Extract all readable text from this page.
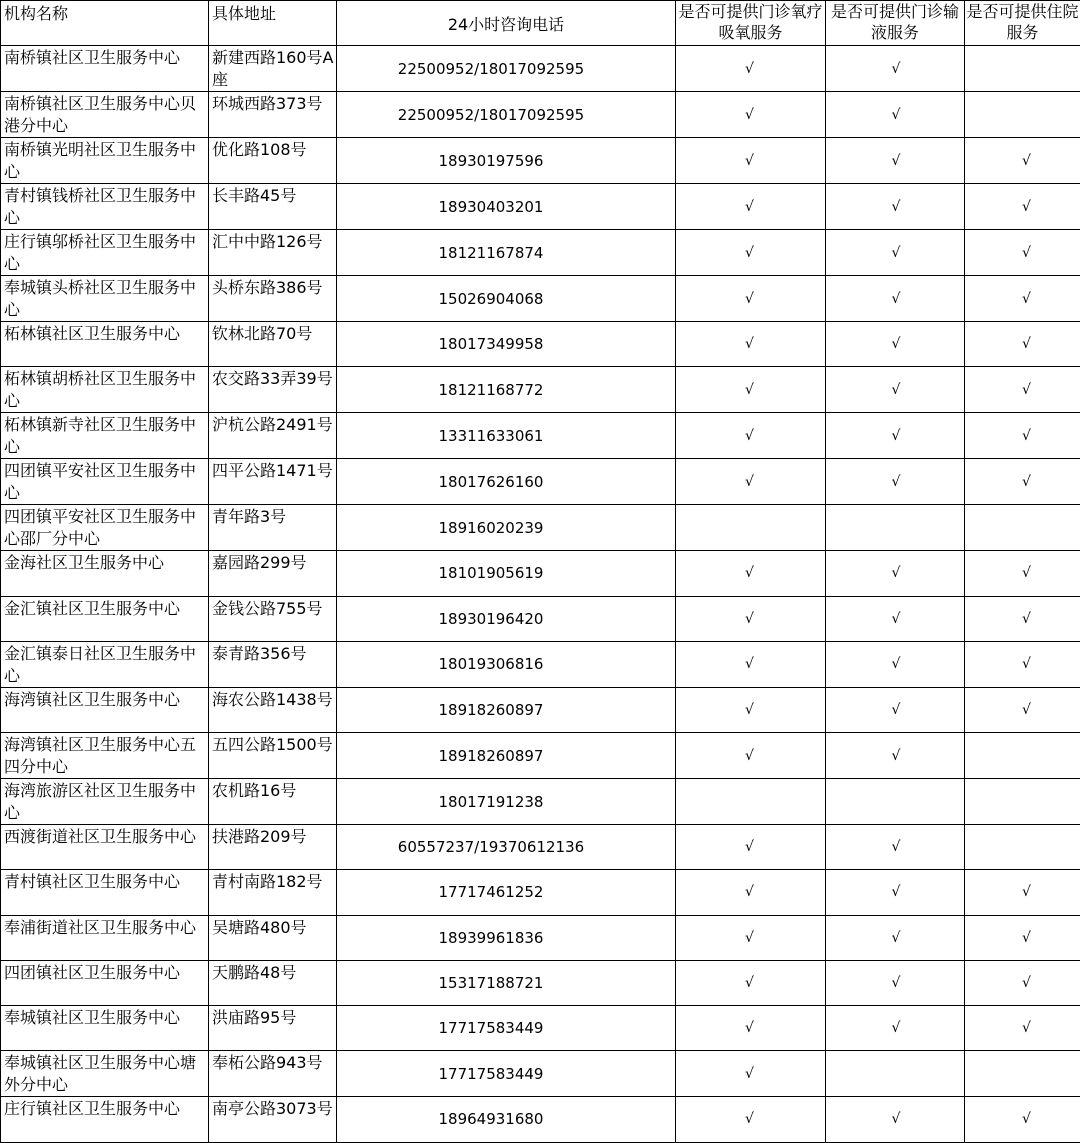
机构名称	具体地址	24小时咨询电话	是否可提供门诊氧疗吸氧服务	是否可提供门诊输液服务	是否可提供住院服务
南桥镇社区卫生服务中心	新建西路160号A座	22500952/18017092595	√	√	
南桥镇社区卫生服务中心贝港分中心	环城西路373号	22500952/18017092595	√	√	
南桥镇光明社区卫生服务中心	优化路108号	18930197596	√	√	√
青村镇钱桥社区卫生服务中心	长丰路45号	18930403201	√	√	√
庄行镇邬桥社区卫生服务中心	汇中中路126号	18121167874	√	√	√
奉城镇头桥社区卫生服务中心	头桥东路386号	15026904068	√	√	√
柘林镇社区卫生服务中心	钦林北路70号	18017349958	√	√	√
柘林镇胡桥社区卫生服务中心	农交路33弄39号	18121168772	√	√	√
柘林镇新寺社区卫生服务中心	沪杭公路2491号	13311633061	√	√	√
四团镇平安社区卫生服务中心	四平公路1471号	18017626160	√	√	√
四团镇平安社区卫生服务中心邵厂分中心	青年路3号	18916020239			
金海社区卫生服务中心	嘉园路299号	18101905619	√	√	√
金汇镇社区卫生服务中心	金钱公路755号	18930196420	√	√	√
金汇镇泰日社区卫生服务中心	泰青路356号	18019306816	√	√	√
海湾镇社区卫生服务中心	海农公路1438号	18918260897	√	√	√
海湾镇社区卫生服务中心五四分中心	五四公路1500号	18918260897	√	√	
海湾旅游区社区卫生服务中心	农机路16号	18017191238			
西渡街道社区卫生服务中心	扶港路209号	60557237/19370612136	√	√	
青村镇社区卫生服务中心	青村南路182号	17717461252	√	√	√
奉浦街道社区卫生服务中心	吴塘路480号	18939961836	√	√	√
四团镇社区卫生服务中心	天鹏路48号	15317188721	√	√	√
奉城镇社区卫生服务中心	洪庙路95号	17717583449	√	√	√
奉城镇社区卫生服务中心塘外分中心	奉柘公路943号	17717583449	√		
庄行镇社区卫生服务中心	南亭公路3073号	18964931680	√	√	√
